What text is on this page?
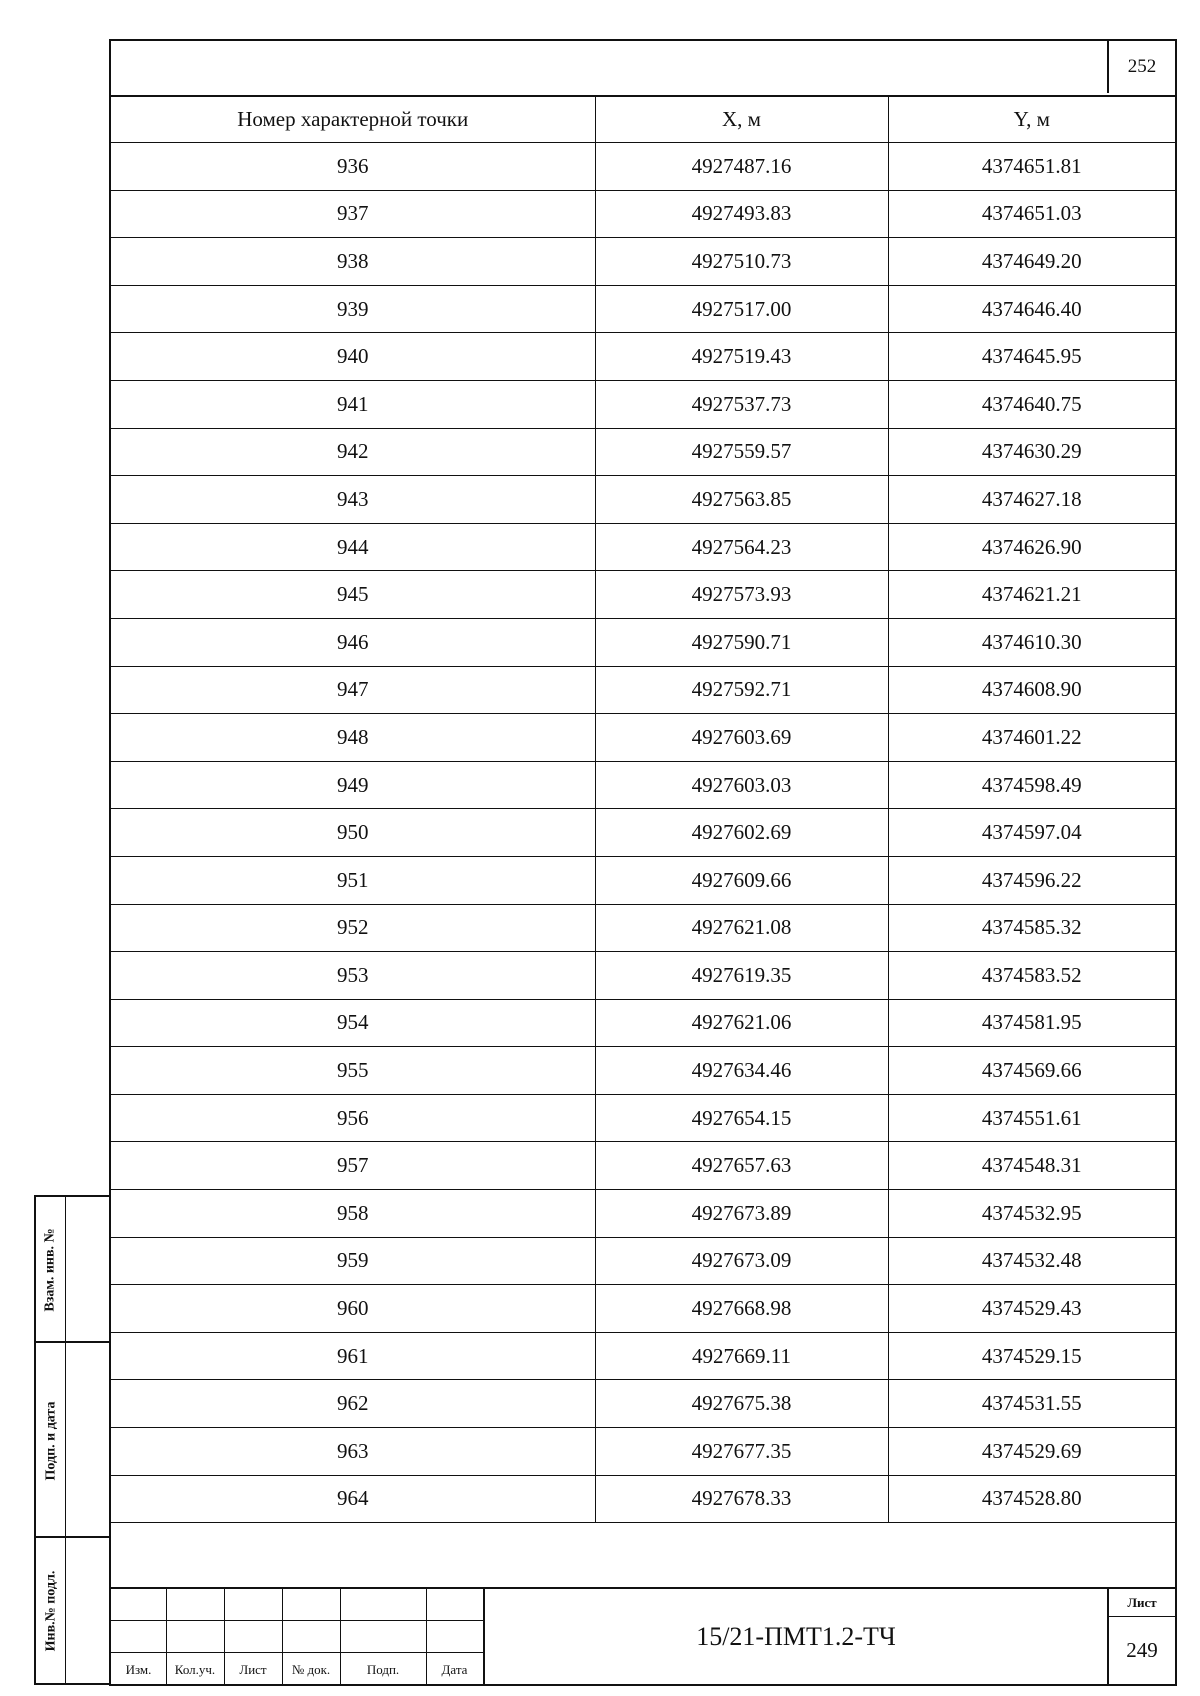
252
Номер характерной точки	X, м	Y, м
936	4927487.16	4374651.81
937	4927493.83	4374651.03
938	4927510.73	4374649.20
939	4927517.00	4374646.40
940	4927519.43	4374645.95
941	4927537.73	4374640.75
942	4927559.57	4374630.29
943	4927563.85	4374627.18
944	4927564.23	4374626.90
945	4927573.93	4374621.21
946	4927590.71	4374610.30
947	4927592.71	4374608.90
948	4927603.69	4374601.22
949	4927603.03	4374598.49
950	4927602.69	4374597.04
951	4927609.66	4374596.22
952	4927621.08	4374585.32
953	4927619.35	4374583.52
954	4927621.06	4374581.95
955	4927634.46	4374569.66
956	4927654.15	4374551.61
957	4927657.63	4374548.31
958	4927673.89	4374532.95
959	4927673.09	4374532.48
960	4927668.98	4374529.43
961	4927669.11	4374529.15
962	4927675.38	4374531.55
963	4927677.35	4374529.69
964	4927678.33	4374528.80
Изм.	Кол.уч.	Лист	№ док.	Подп.	Дата
15/21-ПМТ1.2-ТЧ
Лист
249
Взам. инв. №
Подп. и дата
Инв.№ подл.
